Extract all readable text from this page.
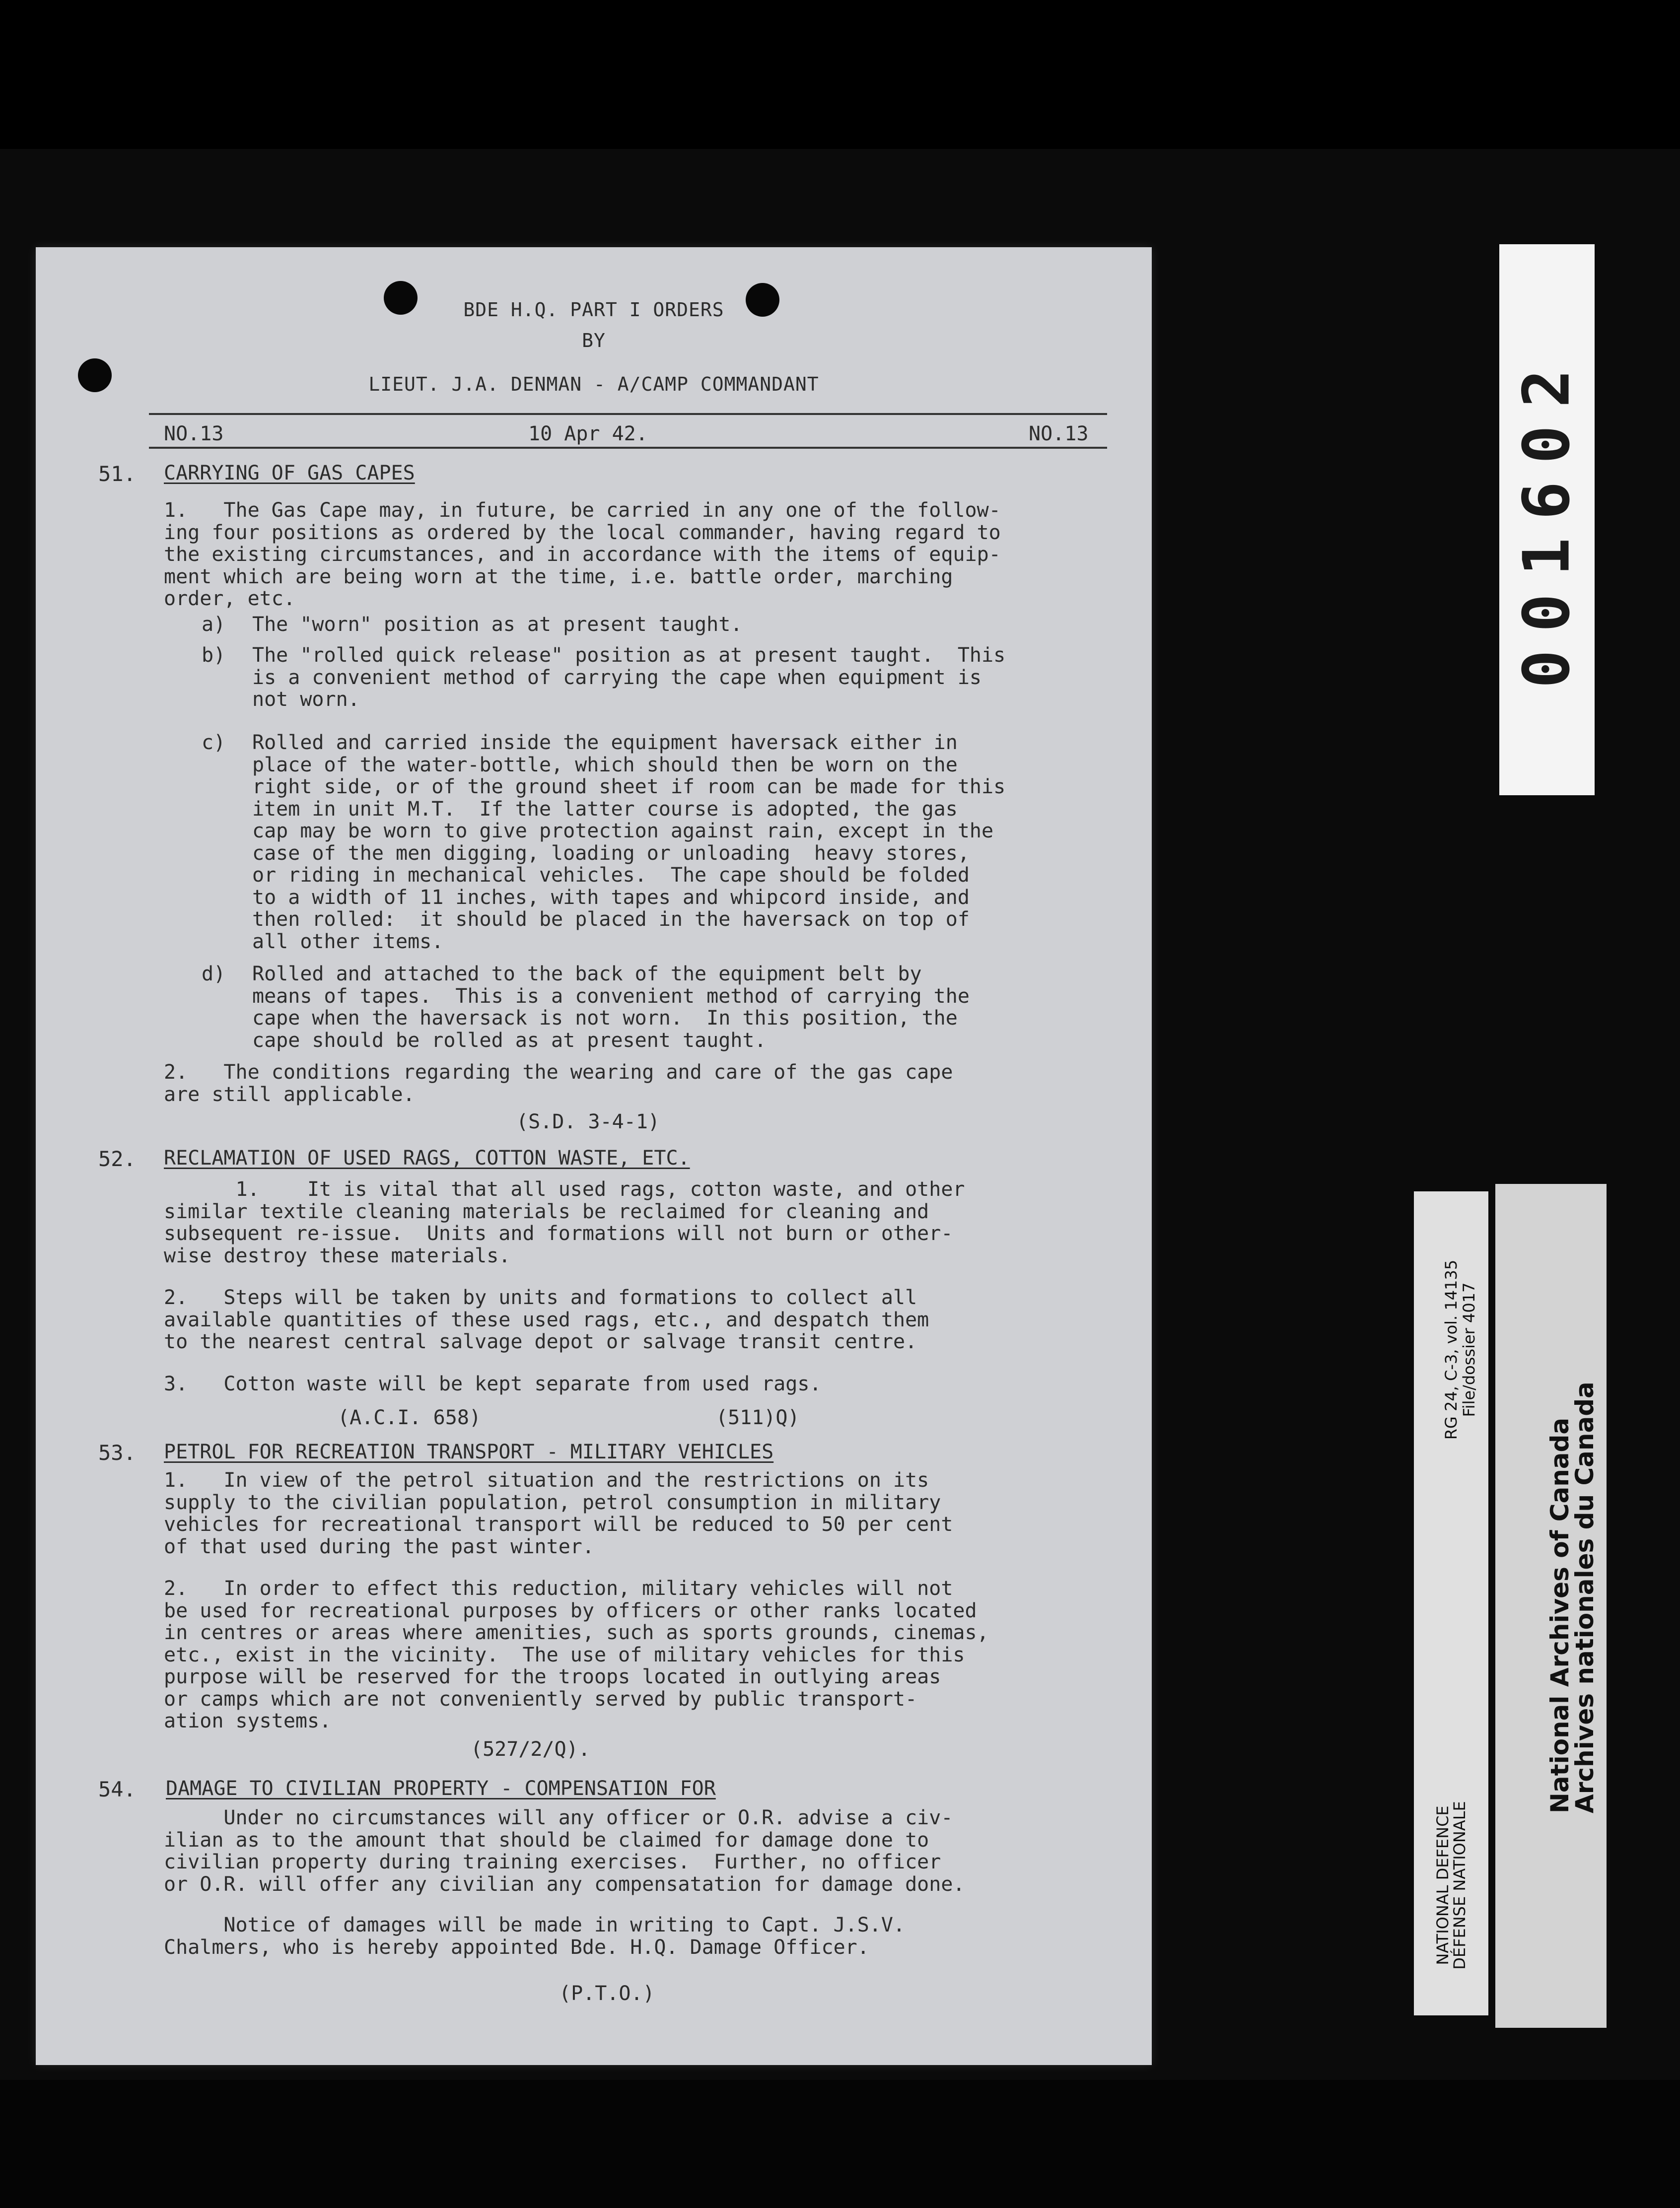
BDE H.Q. PART I ORDERS
BY
LIEUT. J.A. DENMAN - A/CAMP COMMANDANT
NO.13	10 Apr 42.	NO.13
51. CARRYING OF GAS CAPES
1.   The Gas Cape may, in future, be carried in any one of the follow-
ing four positions as ordered by the local commander, having regard to
the existing circumstances, and in accordance with the items of equip-
ment which are being worn at the time, i.e. battle order, marching
order, etc.
a) The "worn" position as at present taught.
b) The "rolled quick release" position as at present taught.  This
is a convenient method of carrying the cape when equipment is
not worn.
c) Rolled and carried inside the equipment haversack either in
place of the water-bottle, which should then be worn on the
right side, or of the ground sheet if room can be made for this
item in unit M.T.  If the latter course is adopted, the gas
cap may be worn to give protection against rain, except in the
case of the men digging, loading or unloading  heavy stores,
or riding in mechanical vehicles.  The cape should be folded
to a width of 11 inches, with tapes and whipcord inside, and
then rolled:  it should be placed in the haversack on top of
all other items.
d) Rolled and attached to the back of the equipment belt by
means of tapes.  This is a convenient method of carrying the
cape when the haversack is not worn.  In this position, the
cape should be rolled as at present taught.
2.   The conditions regarding the wearing and care of the gas cape
are still applicable.
(S.D. 3-4-1)
52. RECLAMATION OF USED RAGS, COTTON WASTE, ETC.
1.    It is vital that all used rags, cotton waste, and other
similar textile cleaning materials be reclaimed for cleaning and
subsequent re-issue.  Units and formations will not burn or other-
wise destroy these materials.
2.   Steps will be taken by units and formations to collect all
available quantities of these used rags, etc., and despatch them
to the nearest central salvage depot or salvage transit centre.
3.   Cotton waste will be kept separate from used rags.
(A.C.I. 658)	(511)Q)
53. PETROL FOR RECREATION TRANSPORT - MILITARY VEHICLES
1.   In view of the petrol situation and the restrictions on its
supply to the civilian population, petrol consumption in military
vehicles for recreational transport will be reduced to 50 per cent
of that used during the past winter.
2.   In order to effect this reduction, military vehicles will not
be used for recreational purposes by officers or other ranks located
in centres or areas where amenities, such as sports grounds, cinemas,
etc., exist in the vicinity.  The use of military vehicles for this
purpose will be reserved for the troops located in outlying areas
or camps which are not conveniently served by public transport-
ation systems.
(527/2/Q).
54. DAMAGE TO CIVILIAN PROPERTY - COMPENSATION FOR
Under no circumstances will any officer or O.R. advise a civ-
ilian as to the amount that should be claimed for damage done to
civilian property during training exercises.  Further, no officer
or O.R. will offer any civilian any compensatation for damage done.
Notice of damages will be made in writing to Capt. J.S.V.
Chalmers, who is hereby appointed Bde. H.Q. Damage Officer.
(P.T.O.)
001602
RG 24, C-3, vol. 14135
File/dossier 4017
NATIONAL DEFENCE
DÉFENSE NATIONALE
National Archives of Canada
Archives nationales du Canada
